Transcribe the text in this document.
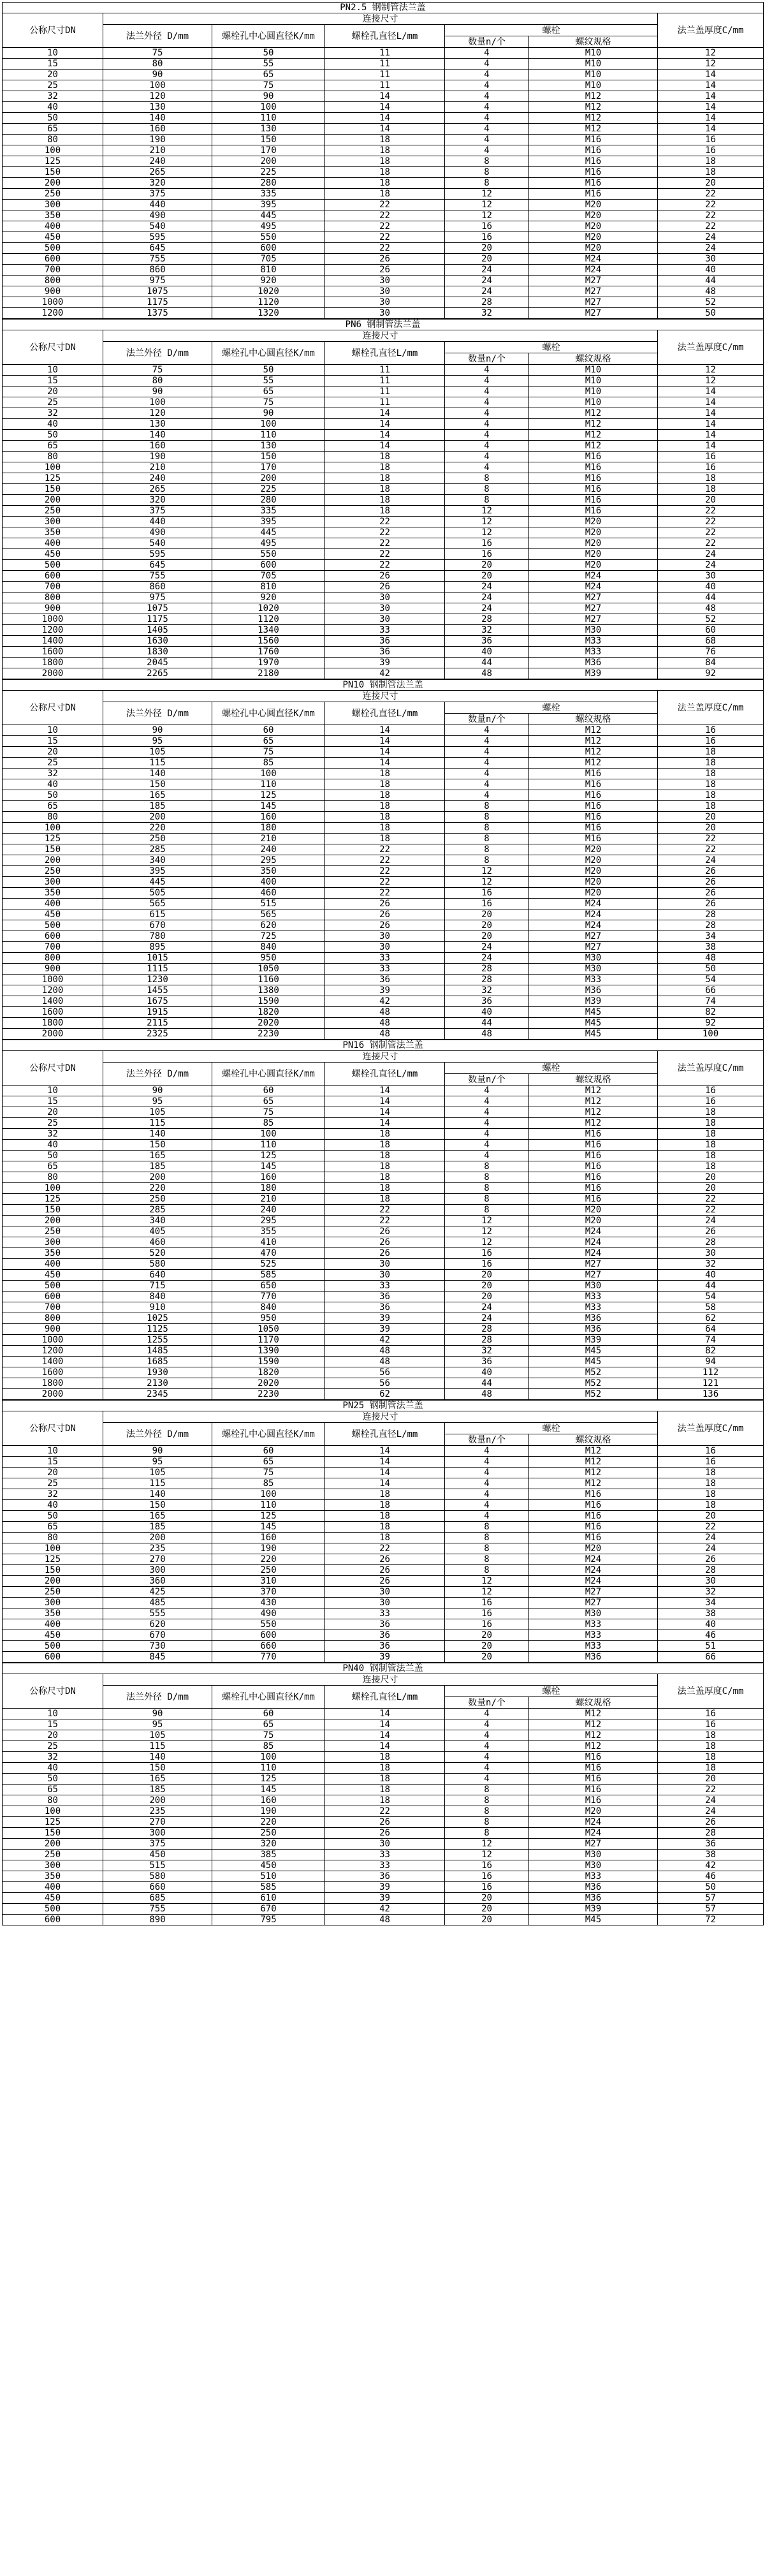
PN2.5 钢制管法兰盖						
公称尺寸DN	连接尺寸					法兰盖厚度C/mm
	法兰外径 D/mm	螺栓孔中心圆直径K/mm	螺栓孔直径L/mm	螺栓		
				数量n/个	螺纹规格	
10	75	50	11	4	M10	12
15	80	55	11	4	M10	12
20	90	65	11	4	M10	14
25	100	75	11	4	M10	14
32	120	90	14	4	M12	14
40	130	100	14	4	M12	14
50	140	110	14	4	M12	14
65	160	130	14	4	M12	14
80	190	150	18	4	M16	16
100	210	170	18	4	M16	16
125	240	200	18	8	M16	18
150	265	225	18	8	M16	18
200	320	280	18	8	M16	20
250	375	335	18	12	M16	22
300	440	395	22	12	M20	22
350	490	445	22	12	M20	22
400	540	495	22	16	M20	22
450	595	550	22	16	M20	24
500	645	600	22	20	M20	24
600	755	705	26	20	M24	30
700	860	810	26	24	M24	40
800	975	920	30	24	M27	44
900	1075	1020	30	24	M27	48
1000	1175	1120	30	28	M27	52
1200	1375	1320	30	32	M27	50
PN6 钢制管法兰盖						
公称尺寸DN	连接尺寸					法兰盖厚度C/mm
	法兰外径 D/mm	螺栓孔中心圆直径K/mm	螺栓孔直径L/mm	螺栓		
				数量n/个	螺纹规格	
10	75	50	11	4	M10	12
15	80	55	11	4	M10	12
20	90	65	11	4	M10	14
25	100	75	11	4	M10	14
32	120	90	14	4	M12	14
40	130	100	14	4	M12	14
50	140	110	14	4	M12	14
65	160	130	14	4	M12	14
80	190	150	18	4	M16	16
100	210	170	18	4	M16	16
125	240	200	18	8	M16	18
150	265	225	18	8	M16	18
200	320	280	18	8	M16	20
250	375	335	18	12	M16	22
300	440	395	22	12	M20	22
350	490	445	22	12	M20	22
400	540	495	22	16	M20	22
450	595	550	22	16	M20	24
500	645	600	22	20	M20	24
600	755	705	26	20	M24	30
700	860	810	26	24	M24	40
800	975	920	30	24	M27	44
900	1075	1020	30	24	M27	48
1000	1175	1120	30	28	M27	52
1200	1405	1340	33	32	M30	60
1400	1630	1560	36	36	M33	68
1600	1830	1760	36	40	M33	76
1800	2045	1970	39	44	M36	84
2000	2265	2180	42	48	M39	92
PN10 钢制管法兰盖						
公称尺寸DN	连接尺寸					法兰盖厚度C/mm
	法兰外径 D/mm	螺栓孔中心圆直径K/mm	螺栓孔直径L/mm	螺栓		
				数量n/个	螺纹规格	
10	90	60	14	4	M12	16
15	95	65	14	4	M12	16
20	105	75	14	4	M12	18
25	115	85	14	4	M12	18
32	140	100	18	4	M16	18
40	150	110	18	4	M16	18
50	165	125	18	4	M16	18
65	185	145	18	8	M16	18
80	200	160	18	8	M16	20
100	220	180	18	8	M16	20
125	250	210	18	8	M16	22
150	285	240	22	8	M20	22
200	340	295	22	8	M20	24
250	395	350	22	12	M20	26
300	445	400	22	12	M20	26
350	505	460	22	16	M20	26
400	565	515	26	16	M24	26
450	615	565	26	20	M24	28
500	670	620	26	20	M24	28
600	780	725	30	20	M27	34
700	895	840	30	24	M27	38
800	1015	950	33	24	M30	48
900	1115	1050	33	28	M30	50
1000	1230	1160	36	28	M33	54
1200	1455	1380	39	32	M36	66
1400	1675	1590	42	36	M39	74
1600	1915	1820	48	40	M45	82
1800	2115	2020	48	44	M45	92
2000	2325	2230	48	48	M45	100
PN16 钢制管法兰盖						
公称尺寸DN	连接尺寸					法兰盖厚度C/mm
	法兰外径 D/mm	螺栓孔中心圆直径K/mm	螺栓孔直径L/mm	螺栓		
				数量n/个	螺纹规格	
10	90	60	14	4	M12	16
15	95	65	14	4	M12	16
20	105	75	14	4	M12	18
25	115	85	14	4	M12	18
32	140	100	18	4	M16	18
40	150	110	18	4	M16	18
50	165	125	18	4	M16	18
65	185	145	18	8	M16	18
80	200	160	18	8	M16	20
100	220	180	18	8	M16	20
125	250	210	18	8	M16	22
150	285	240	22	8	M20	22
200	340	295	22	12	M20	24
250	405	355	26	12	M24	26
300	460	410	26	12	M24	28
350	520	470	26	16	M24	30
400	580	525	30	16	M27	32
450	640	585	30	20	M27	40
500	715	650	33	20	M30	44
600	840	770	36	20	M33	54
700	910	840	36	24	M33	58
800	1025	950	39	24	M36	62
900	1125	1050	39	28	M36	64
1000	1255	1170	42	28	M39	74
1200	1485	1390	48	32	M45	82
1400	1685	1590	48	36	M45	94
1600	1930	1820	56	40	M52	112
1800	2130	2020	56	44	M52	121
2000	2345	2230	62	48	M52	136
PN25 钢制管法兰盖						
公称尺寸DN	连接尺寸					法兰盖厚度C/mm
	法兰外径 D/mm	螺栓孔中心圆直径K/mm	螺栓孔直径L/mm	螺栓		
				数量n/个	螺纹规格	
10	90	60	14	4	M12	16
15	95	65	14	4	M12	16
20	105	75	14	4	M12	18
25	115	85	14	4	M12	18
32	140	100	18	4	M16	18
40	150	110	18	4	M16	18
50	165	125	18	4	M16	20
65	185	145	18	8	M16	22
80	200	160	18	8	M16	24
100	235	190	22	8	M20	24
125	270	220	26	8	M24	26
150	300	250	26	8	M24	28
200	360	310	26	12	M24	30
250	425	370	30	12	M27	32
300	485	430	30	16	M27	34
350	555	490	33	16	M30	38
400	620	550	36	16	M33	40
450	670	600	36	20	M33	46
500	730	660	36	20	M33	51
600	845	770	39	20	M36	66
PN40 钢制管法兰盖						
公称尺寸DN	连接尺寸					法兰盖厚度C/mm
	法兰外径 D/mm	螺栓孔中心圆直径K/mm	螺栓孔直径L/mm	螺栓		
				数量n/个	螺纹规格	
10	90	60	14	4	M12	16
15	95	65	14	4	M12	16
20	105	75	14	4	M12	18
25	115	85	14	4	M12	18
32	140	100	18	4	M16	18
40	150	110	18	4	M16	18
50	165	125	18	4	M16	20
65	185	145	18	8	M16	22
80	200	160	18	8	M16	24
100	235	190	22	8	M20	24
125	270	220	26	8	M24	26
150	300	250	26	8	M24	28
200	375	320	30	12	M27	36
250	450	385	33	12	M30	38
300	515	450	33	16	M30	42
350	580	510	36	16	M33	46
400	660	585	39	16	M36	50
450	685	610	39	20	M36	57
500	755	670	42	20	M39	57
600	890	795	48	20	M45	72
